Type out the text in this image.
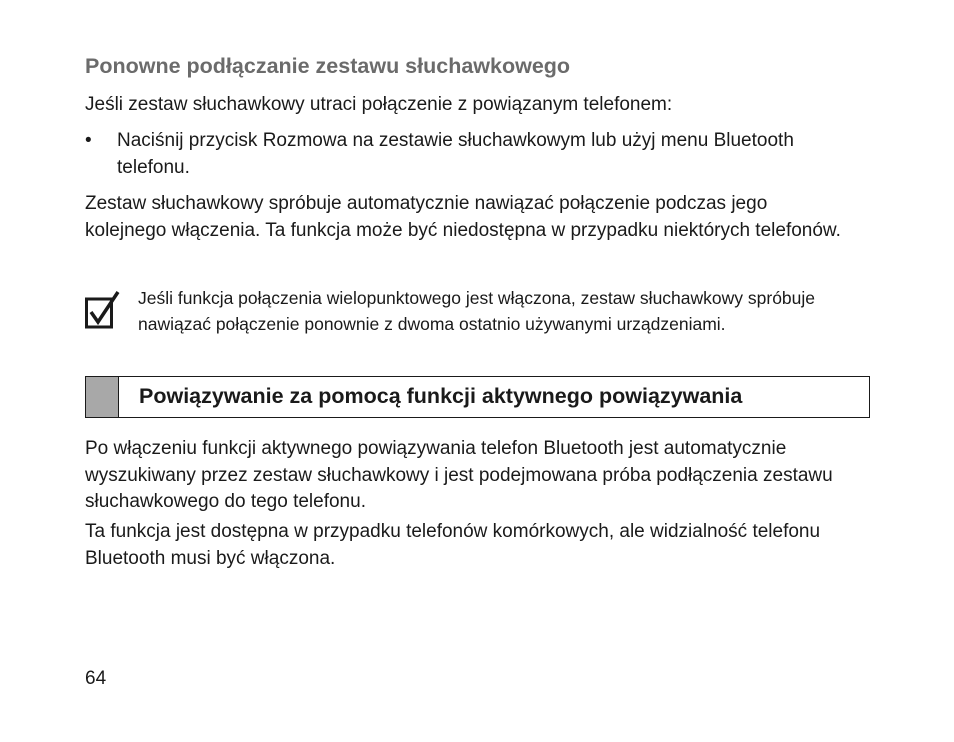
Ponowne podłączanie zestawu słuchawkowego
Jeśli zestaw słuchawkowy utraci połączenie z powiązanym telefonem:
• Naciśnij przycisk Rozmowa na zestawie słuchawkowym lub użyj menu Bluetooth telefonu.
Zestaw słuchawkowy spróbuje automatycznie nawiązać połączenie podczas jego kolejnego włączenia. Ta funkcja może być niedostępna w przypadku niektórych telefonów.
Jeśli funkcja połączenia wielopunktowego jest włączona, zestaw słuchawkowy spróbuje nawiązać połączenie ponownie z dwoma ostatnio używanymi urządzeniami.
Powiązywanie za pomocą funkcji aktywnego powiązywania
Po włączeniu funkcji aktywnego powiązywania telefon Bluetooth jest automatycznie wyszukiwany przez zestaw słuchawkowy i jest podejmowana próba podłączenia zestawu słuchawkowego do tego telefonu.
Ta funkcja jest dostępna w przypadku telefonów komórkowych, ale widzialność telefonu Bluetooth musi być włączona.
64
